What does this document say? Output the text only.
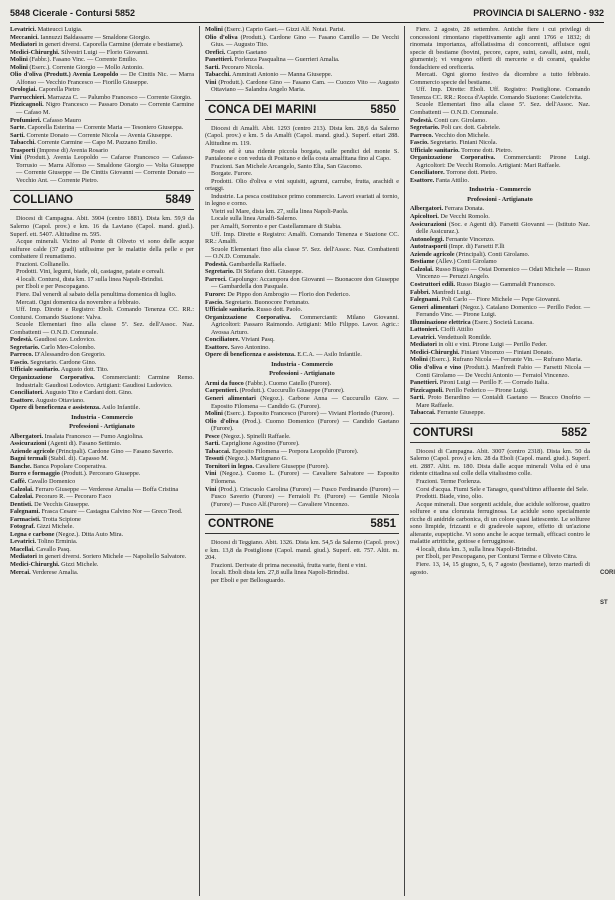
5848 Cicerale - Contursi 5852	PROVINCIA DI SALERNO - 932

Levatrici. Matteucci Luigia.

Meccanici. Iannuzzi Baldassarre — Smaldone Giorgio.

Mediatori in generi diversi. Caporella Carmine (derrate e bestiame).

Medici-Chirurghi. Silvestri Luigi — Florio Giovanni.

Molini (Fabbr.). Fasano Vinc. — Corrente Emilio.

Molini (Eserc.). Corrente Giorgio — Mollo Antonio.

Olio d'oliva (Produtt.) Avenia Leopoldo — De Cinttis Nic. — Marra Alfonso — Vecchio Francesco — Fiorillo Giuseppe.

Orologiai. Caporella Pietro

Parrucchieri. Marrazza C. — Palumbo Francesco — Corrente Giorgio.

Pizzicagnoli. Nigro Francesco — Passaro Donato — Corrente Carmine — Cafaso M.

Profumieri. Cafasso Mauro

Sarte. Caporella Esterina — Corrente Maria — Tesoniero Giuseppa.

Sarti. Corrente Donato — Corrente Nicola — Avenia Giuseppe.

Tabacchi. Corrente Carmine — Capo M. Pazzano Emilio.

Trasporti (Imprese di) Avenia Rosario

Vini (Produtt.). Avenia Leopoldo — Cafaroe Francesco — Cafasso-Torrusio — Marra Alfonso — Smaldone Giorgio — Volta Giuseppe — Corrente Giuseppe — De Cinttis Giovanni — Corrente Donato — Vecchio Ant. — Corrente Pietro.

COLLIANO	5849

Diocesi di Campagna. Abit. 3904 (centro 1881). Dista km. 59,9 da Salerno (Capol. prov.) e km. 16 da Laviano (Capol. mand. giud.). Superf. ett. 5407. Altitudine m. 595.

Acque minerali. Vicino al Ponte di Oliveto vi sono delle acque sulfuree calde (37 gradi) utilissime per le malattie della pelle e per combattere il reumatismo.

Frazioni. Collianello.

Prodotti. Vini, legumi, biade, oli, castagne, patate e cereali.

4 locali. Contursi, dista km. 17 sulla linea Napoli-Brindisi.

per Eboli e per Pescopagano.

Fiere. Dal venerdi al sabato della penultima domenica di luglio.

Mercati. Ogni domenica da novembre a febbraio.

Uff. Imp. Dirette e Registro: Eboli. Comando Tenenza CC. RR.: Contursi. Comando Stazione: Valva.

Scuole Elementari fino alla classe 5ª. Sez. dell'Assoc. Naz. Combattenti — O.N.D. Comunale.

Podestà. Gaudiosi cav. Lodovico.

Segretario. Carlo Meo-Colombo.

Parroco. D'Alessandro don Gregorio.

Fascio. Segretario. Cardone Gino.

Ufficiale sanitario. Augusto dott. Tito.

Organizzazione Corporativa. Commercianti: Carmine Remo. Industriali: Gaudiosi Lodovico. Artigiani: Gaudiosi Ludovico.

Conciliatori. Augusto Tito e Cardani dott. Gino.

Esattore. Augusto Ottaviano.

Opere di beneficenza e assistenza. Asilo Infantile.

Industria - Commercio
Professioni - Artigianato

Albergatori. Insalata Francesco — Fumo Angiolina.

Assicurazioni (Agenti di). Fasano Settimio.

Aziende agricole (Principali). Cardone Gino — Fasano Saverio.

Bagni termali (Stabil. di). Capasso M.

Banche. Banca Popolare Cooperativa.

Burro e formaggio (Produtt.). Percoraro Giuseppe.

Caffè. Cavallo Domenico

Calzolai. Ferraro Giuseppe — Verderese Amalia — Boffa Cristina

Calzolai. Pecoraro R. — Pecoraro F.sco

Dentisti. De Vecchis Giuseppe.

Falegnami. Frasca Cesare — Castagna Calvino Nor — Greco Teod.

Farmacisti. Trotta Scipione

Fotograf. Gizzi Michele.

Legna e carbone (Negoz.). Ditta Auto Mira.

Levatrici. Tolino Erminia.

Macellai. Cavallo Pasq.

Mediatori in generi diversi. Soriero Michele — Napoliello Salvatore.

Medici-Chirurghi. Gizzi Michele.

Mercai. Verderese Amalia.

Molini (Eserc.) Caprio Gaet.— Gizzi Alf. Notai. Parisi.

Olio d'oliva (Produtt.). Cardone Gino — Fasano Camillo — De Vecchi Gius. — Augusto Tito.

Orefici. Caprio Gaetano

Panettieri. Forlenza Pasqualina — Guerrieri Amalia.

Sarti. Pecoraro Nicola.

Tabacchi. Ammirati Antonio — Manna Giuseppe.

Vini (Produtt.). Cardone Gino — Fasano Cam. — Cuozzo Vito — Augusto Ottaviano — Salandra Angelo Maria.

CONCA DEI MARINI	5850

Diocesi di Amalfi. Abit. 1293 (centro 213). Dista km. 28,6 da Salerno (Capol. prov.) e km. 5 da Amalfi (Capol. mand. giud.). Superf. ettari 288. Altitudine m. 119.

Posto ed è una ridente piccola borgata, sulle pendici del monte S. Pantaleone e con veduta di Positano e della costa amalfitana fino al Capo.

Frazioni. San Michele Arcangelo, Santo Elia, San Giacomo.

Borgate. Furore.

Prodotti. Olio d'oliva e vini squisiti, agrumi, carrube, frutta, arachidi e ortaggi.

Industrie. La pesca costituisce primo commercio. Lavori svariati al tornio, in legno e corno.

Vietri sul Mare, dista km. 27, sulla linea Napoli-Paola.

Locale sulla linea Amalfi-Salerno.

per Amalfi, Sorrento e per Castellammare di Stabia.

Uff. Imp. Dirette e Registro: Amalfi. Comando Tenenza e Stazione CC. RR.: Amalfi.

Scuole Elementari fino alla classe 5ª. Sez. dell'Assoc. Naz. Combattenti — O.N.D. Comunale.

Podestà. Gambardella Raffaele.

Segretario. Di Stefano dott. Giuseppe.

Parroci. Capolungo: Accampora don Giovanni — Buonacore don Giuseppe — Gambardella don Pasquale.

Furore: De Pippo don Ambrogio — Florio don Federico.

Fascio. Segretario. Buonocore Fortunato.

Ufficiale sanitario. Russo dott. Paolo.

Organizzazione Corporativa. Commercianti: Milano Giovanni. Agricoltori: Passaro Raimondo. Artigiani: Milo Filippo. Lavor. Agric.: Avossa Arturo.

Conciliatore. Viviani Pasq.

Esattore. Savo Antonino.

Opere di beneficenza e assistenza. E.C.A. — Asilo Infantile.

Industria - Commercio
Professioni - Artigianato

Armi da fuoco (Fabbr.). Cuomo Catello (Furore).

Carpentieri. (Produtt.). Cuccurullo Giuseppe (Furore).

Generi alimentari (Negoz.). Carbone Anna — Cuccurullo Giov. — Esposito Filomena — Candido G. (Furore).

Molini (Eserc.). Esposito Francesco (Furore) — Viviani Florindo (Furore).

Olio d'oliva (Prod.). Cuomo Domenico (Furore) — Candido Gaetano (Furore).

Pesce (Negoz.). Spinelli Raffaele.

Sarti. Capriglione Agostino (Furore).

Tabaccai. Esposito Filomena — Porpora Leopoldo (Furore).

Tessuti (Negoz.). Martignano G.

Tornitori in legno. Cavaliere Giuseppe (Furore).

Vini (Negoz.). Cuomo L. (Furore) — Cavaliere Salvatore — Esposito Filomena.

Vini (Prod.). Criscuolo Carolina (Furore) — Fusco Ferdinando (Furore) — Fusco Saverio (Furore) — Ferraioli Fr. (Furore) — Gentile Nicola (Furore) — Fusco Alf.(Furore) — Cavaliere Vincenzo.

CONTRONE	5851

Diocesi di Teggiano. Abit. 1326. Dista km. 54,5 da Salerno (Capol. prov.) e km. 13,8 da Postiglione (Capol. mand. giud.). Superf. ett. 757. Altit. m. 204.

Frazioni. Derivate di prima necessità, frutta varie, fieni e vini.

locali. Eboli dista km. 27,8 sulla linea Napoli-Brindisi.

per Eboli e per Bellosguardo.

Fiere. 2 agosto, 28 settembre. Antiche fiere i cui privilegi di concessioni rimontano rispettivamente agli anni 1766 e 1832; di rinomata importanza, affollatissima di concorrenti, affluisce ogni specie di bestiame (bovini, pecore, capre, suini, cavalli, asini, muli, giumente); vi vengono offerti di mercerie e di corami, qualche fondachiere ed oreficeria.

Mercati. Ogni giorno festivo da dicembre a tutto febbraio. Commercio specie del bestiame.

Uff. Imp. Dirette: Eboli. Uff. Registro: Postiglione. Comando Tenenza CC. RR.: Rocca d'Aspide. Comando Stazione: Castelcivita.

Scuole Elementari fino alla classe 5ª. Sez. dell'Assoc. Naz. Combattenti — O.N.D. Comunale.

Podestà. Conti cav. Girolamo.

Segretario. Poli cav. dott. Gabriele.

Parroco. Vecchio don Michele.

Fascio. Segretario. Finiani Nicola.

Ufficiale sanitario. Torrone dott. Pietro.

Organizzazione Corporativa. Commercianti: Pirone Luigi. Agricoltori: De Vecchi Romolo. Artigiani: Mari Raffaele.

Conciliatore. Torrone dott. Pietro.

Esattore. Fanta Attilio.

Industria - Commercio
Professioni - Artigianato

Albergatori. Ferrara Donata.

Apicoltori. De Vecchi Romolo.

Assicurazioni (Soc. e Agenti di). Farsetti Giovanni — (Istituto Naz. delle Assicuraz.).

Autonoleggi. Fernante Vincenzo.

Autotrasporti (Impr. di) Farsetti F.lli

Aziende agricole (Principali). Conti Girolamo.

Bestiame (Allev.) Conti Girolamo

Calzolai. Russo Biagio — Ostai Domenico — Odati Michele — Russo Vincenzo — Peruzzi Angelo.

Costruttori edili. Russo Biagio — Gammaldi Francesco.

Fabbri. Manfredi Luigi.

Falegnami. Poli Carlo — Fiore Michele — Pepe Giovanni.

Generi alimentari (Negoz.). Catalano Domenico — Perillo Fedor. — Ferrando Vinc. — Pirone Luigi.

Illuminazione elettrica (Eserc.) Società Lucana.

Lattonieri. Cioffi Attilio

Levatrici. Vendettuoli Romilde.

Mediatori in olii e vini. Pirone Luigi — Perillo Feder.

Medici-Chirurghi. Finiani Vincenzo — Finiani Donato.

Molini (Eserc.). Rufrano Nicola — Ferrante Vin. — Rufrano Maria.

Olio d'oliva e vino (Produtt.). Manfredi Fabio — Farsetti Nicola — Conti Girolamo — De Vecchi Antonio — Ferraiol Vincenzo.

Panettieri. Pironi Luigi — Perillo F. — Corrado Italia.

Pizzicagnoli. Perillo Federico — Pirone Luigi.

Sarti. Proto Berardino — Contaldi Gaetano — Bracco Onofrio — Mare Raffaele.

Tabaccai. Ferrante Giuseppe.

CONTURSI	5852

Diocesi di Campagna. Abit. 3007 (centro 2318). Dista km. 50 da Salerno (Capol. prov.) e km. 28 da Eboli (Capol. mand. giud.). Superf. ett. 2887. Altit. m. 180. Dista dalle acque minerali Volta ed è una ridente cittadina sul colle della vitalissimo colle.

Frazioni. Terme Forlenza.

Corsi d'acqua. Fiumi Sele e Tanagro, quest'ultimo affluente del Sele.

Prodotti. Biade, vino, olio.

Acque minerali. Due sorgenti acidule, due acidule solforose, quattro solfuree e una clorurata ferruginosa. Le acidule sono specialmente ricche di anidride carbonica, di un colore quasi lattescente. Le solfuree sono limpide, frizzanti e di gradevole sapore, effetto di un'azione alterante, eupeptiche. Vi sono anche le acque termali, efficaci contro le malattie artritiche, gottose e ferrugginose.

4 locali, dista km. 3, sulla linea Napoli-Brindisi.

per Eboli, per Pescopagano, per Contursi Terme e Oliveto Citra.

Fiere. 13, 14, 15 giugno, 5, 6, 7 agosto (bestiame), terzo martedì di agosto.	CORI
ST
